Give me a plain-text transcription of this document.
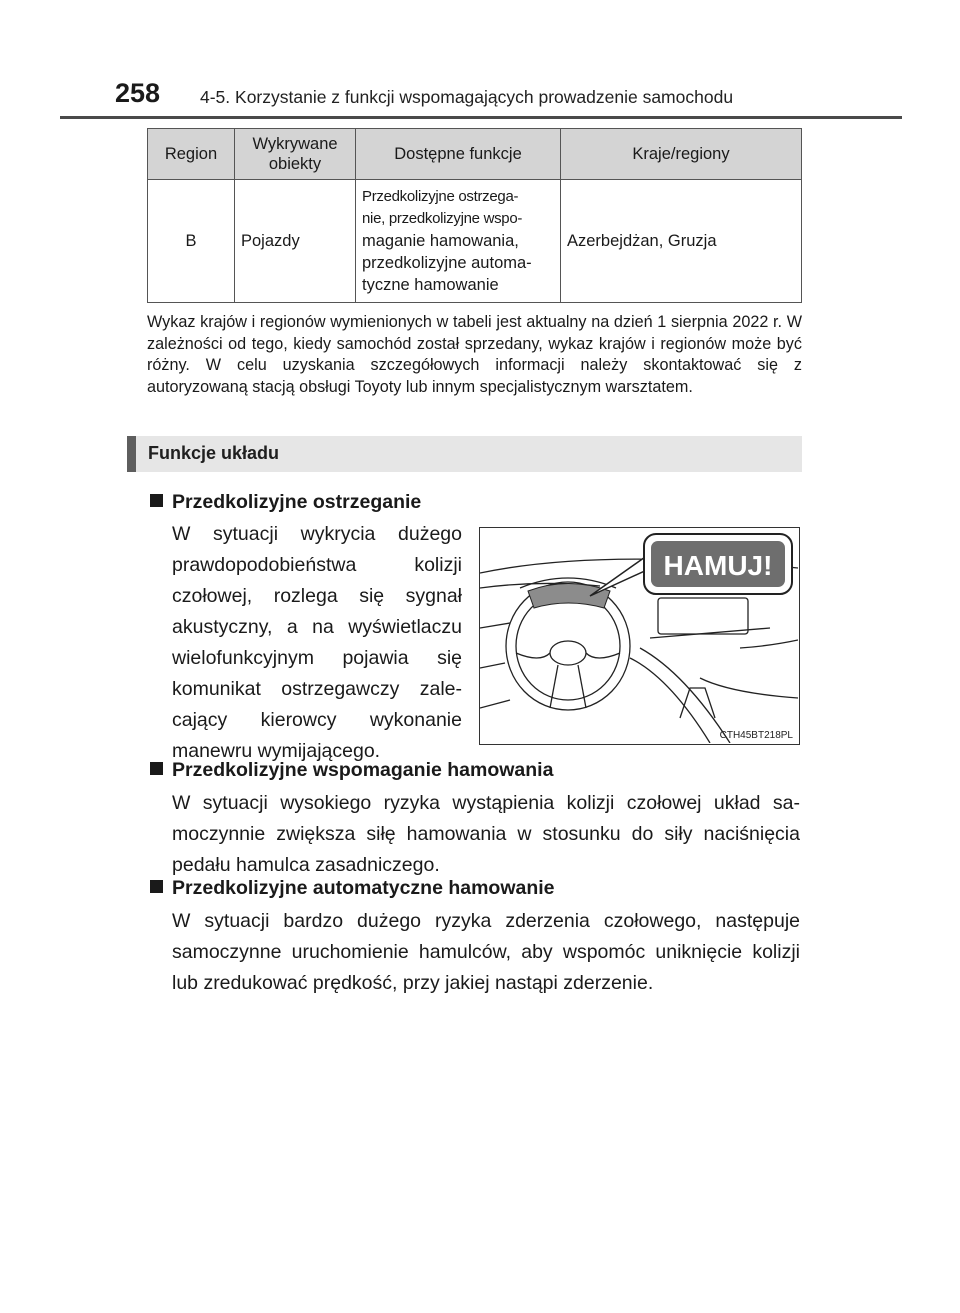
258 4-5. Korzystanie z funkcji wspomagających prowadzenie samochodu
Region	Wykrywane obiekty	Dostępne funkcje	Kraje/regiony
B	Pojazdy	Przedkolizyjne ostrzega-
nie, przedkolizyjne wspo-
maganie hamowania,
przedkolizyjne automa-
tyczne hamowanie	Azerbejdżan, Gruzja

Wykaz krajów i regionów wymienionych w tabeli jest aktualny na dzień 1 sierpnia 2022 r. W zależności od tego, kiedy samochód został sprzedany, wykaz krajów i regionów może być różny. W celu uzyskania szczegółowych informacji należy skontaktować się z autoryzowaną stacją obsługi Toyoty lub innym specjalistycznym warsztatem.

Funkcje układu

Przedkolizyjne ostrzeganie

W sytuacji wykrycia dużego prawdopodobieństwa kolizji czołowej, rozlega się sygnał akustyczny, a na wyświetlaczu wielofunkcyjnym pojawia się komunikat ostrzegawczy zale-cający kierowcy wykonanie manewru wymijającego.

HAMUJ!
CTH45BT218PL

Przedkolizyjne wspomaganie hamowania

W sytuacji wysokiego ryzyka wystąpienia kolizji czołowej układ sa-moczynnie zwiększa siłę hamowania w stosunku do siły naciśnięcia pedału hamulca zasadniczego.

Przedkolizyjne automatyczne hamowanie

W sytuacji bardzo dużego ryzyka zderzenia czołowego, następuje samoczynne uruchomienie hamulców, aby wspomóc uniknięcie kolizji lub zredukować prędkość, przy jakiej nastąpi zderzenie.
